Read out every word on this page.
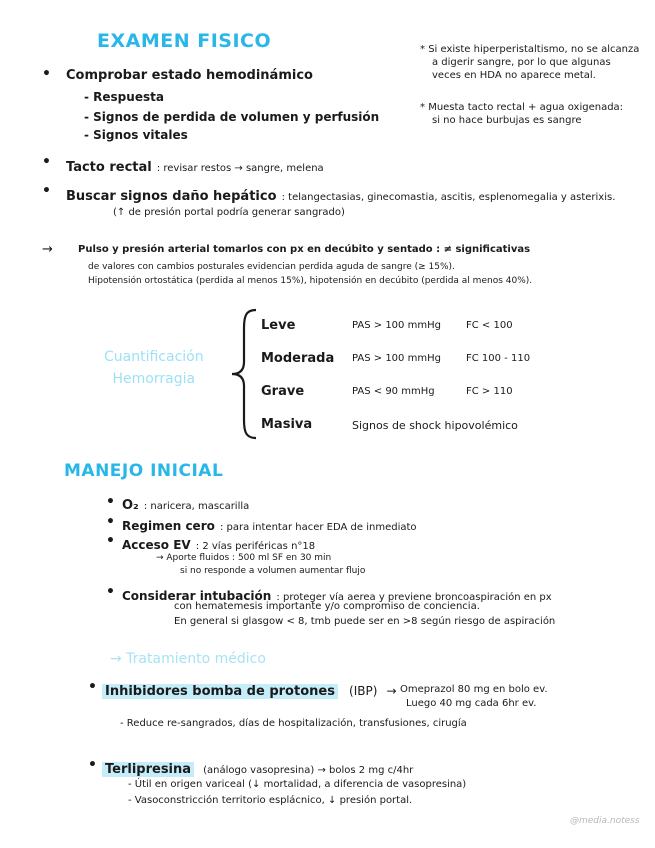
EXAMEN FISICO	* Si existe hiperperistaltismo, no se alcanza
a digerir sangre, por lo que algunas
veces en HDA no aparece metal.
* Muesta tacto rectal + agua oxigenada:
si no hace burbujas es sangre
• Comprobar estado hemodinámico
- Respuesta
- Signos de perdida de volumen y perfusión
- Signos vitales
• Tacto rectal : revisar restos → sangre, melena
• Buscar signos daño hepático : telangectasias, ginecomastia, ascitis, esplenomegalia y asterixis.
(↑ de presión portal podría generar sangrado)
→	Pulso y presión arterial tomarlos con px en decúbito y sentado : ≠ significativas
de valores con cambios posturales evidencian perdida aguda de sangre (≥ 15%).
Hipotensión ortostática (perdida al menos 15%), hipotensión en decúbito (perdida al menos 40%).
Cuantificación
Hemorragia
Leve	PAS > 100 mmHg	FC < 100
Moderada PAS > 100 mmHg	FC 100 - 110
Grave	PAS < 90 mmHg	FC > 110
Masiva	Signos de shock hipovolémico
MANEJO INICIAL
• O₂ : naricera, mascarilla
• Regimen cero : para intentar hacer EDA de inmediato
• Acceso EV : 2 vías periféricas n°18
→ Aporte fluidos : 500 ml SF en 30 min
si no responde a volumen aumentar flujo
• Considerar intubación : proteger vía aerea y previene broncoaspiración en px
con hematemesis importante y/o compromiso de conciencia.
En general si glasgow < 8, tmb puede ser en >8 según riesgo de aspiración
→ Tratamiento médico
• Inhibidores bomba de protones (IBP) → Omeprazol 80 mg en bolo ev.
Luego 40 mg cada 6hr ev.
- Reduce re-sangrados, días de hospitalización, transfusiones, cirugía
• Terlipresina (análogo vasopresina) → bolos 2 mg c/4hr
- Útil en origen variceal (↓ mortalidad, a diferencia de vasopresina)
- Vasoconstricción territorio esplácnico, ↓ presión portal.
@media.notess
